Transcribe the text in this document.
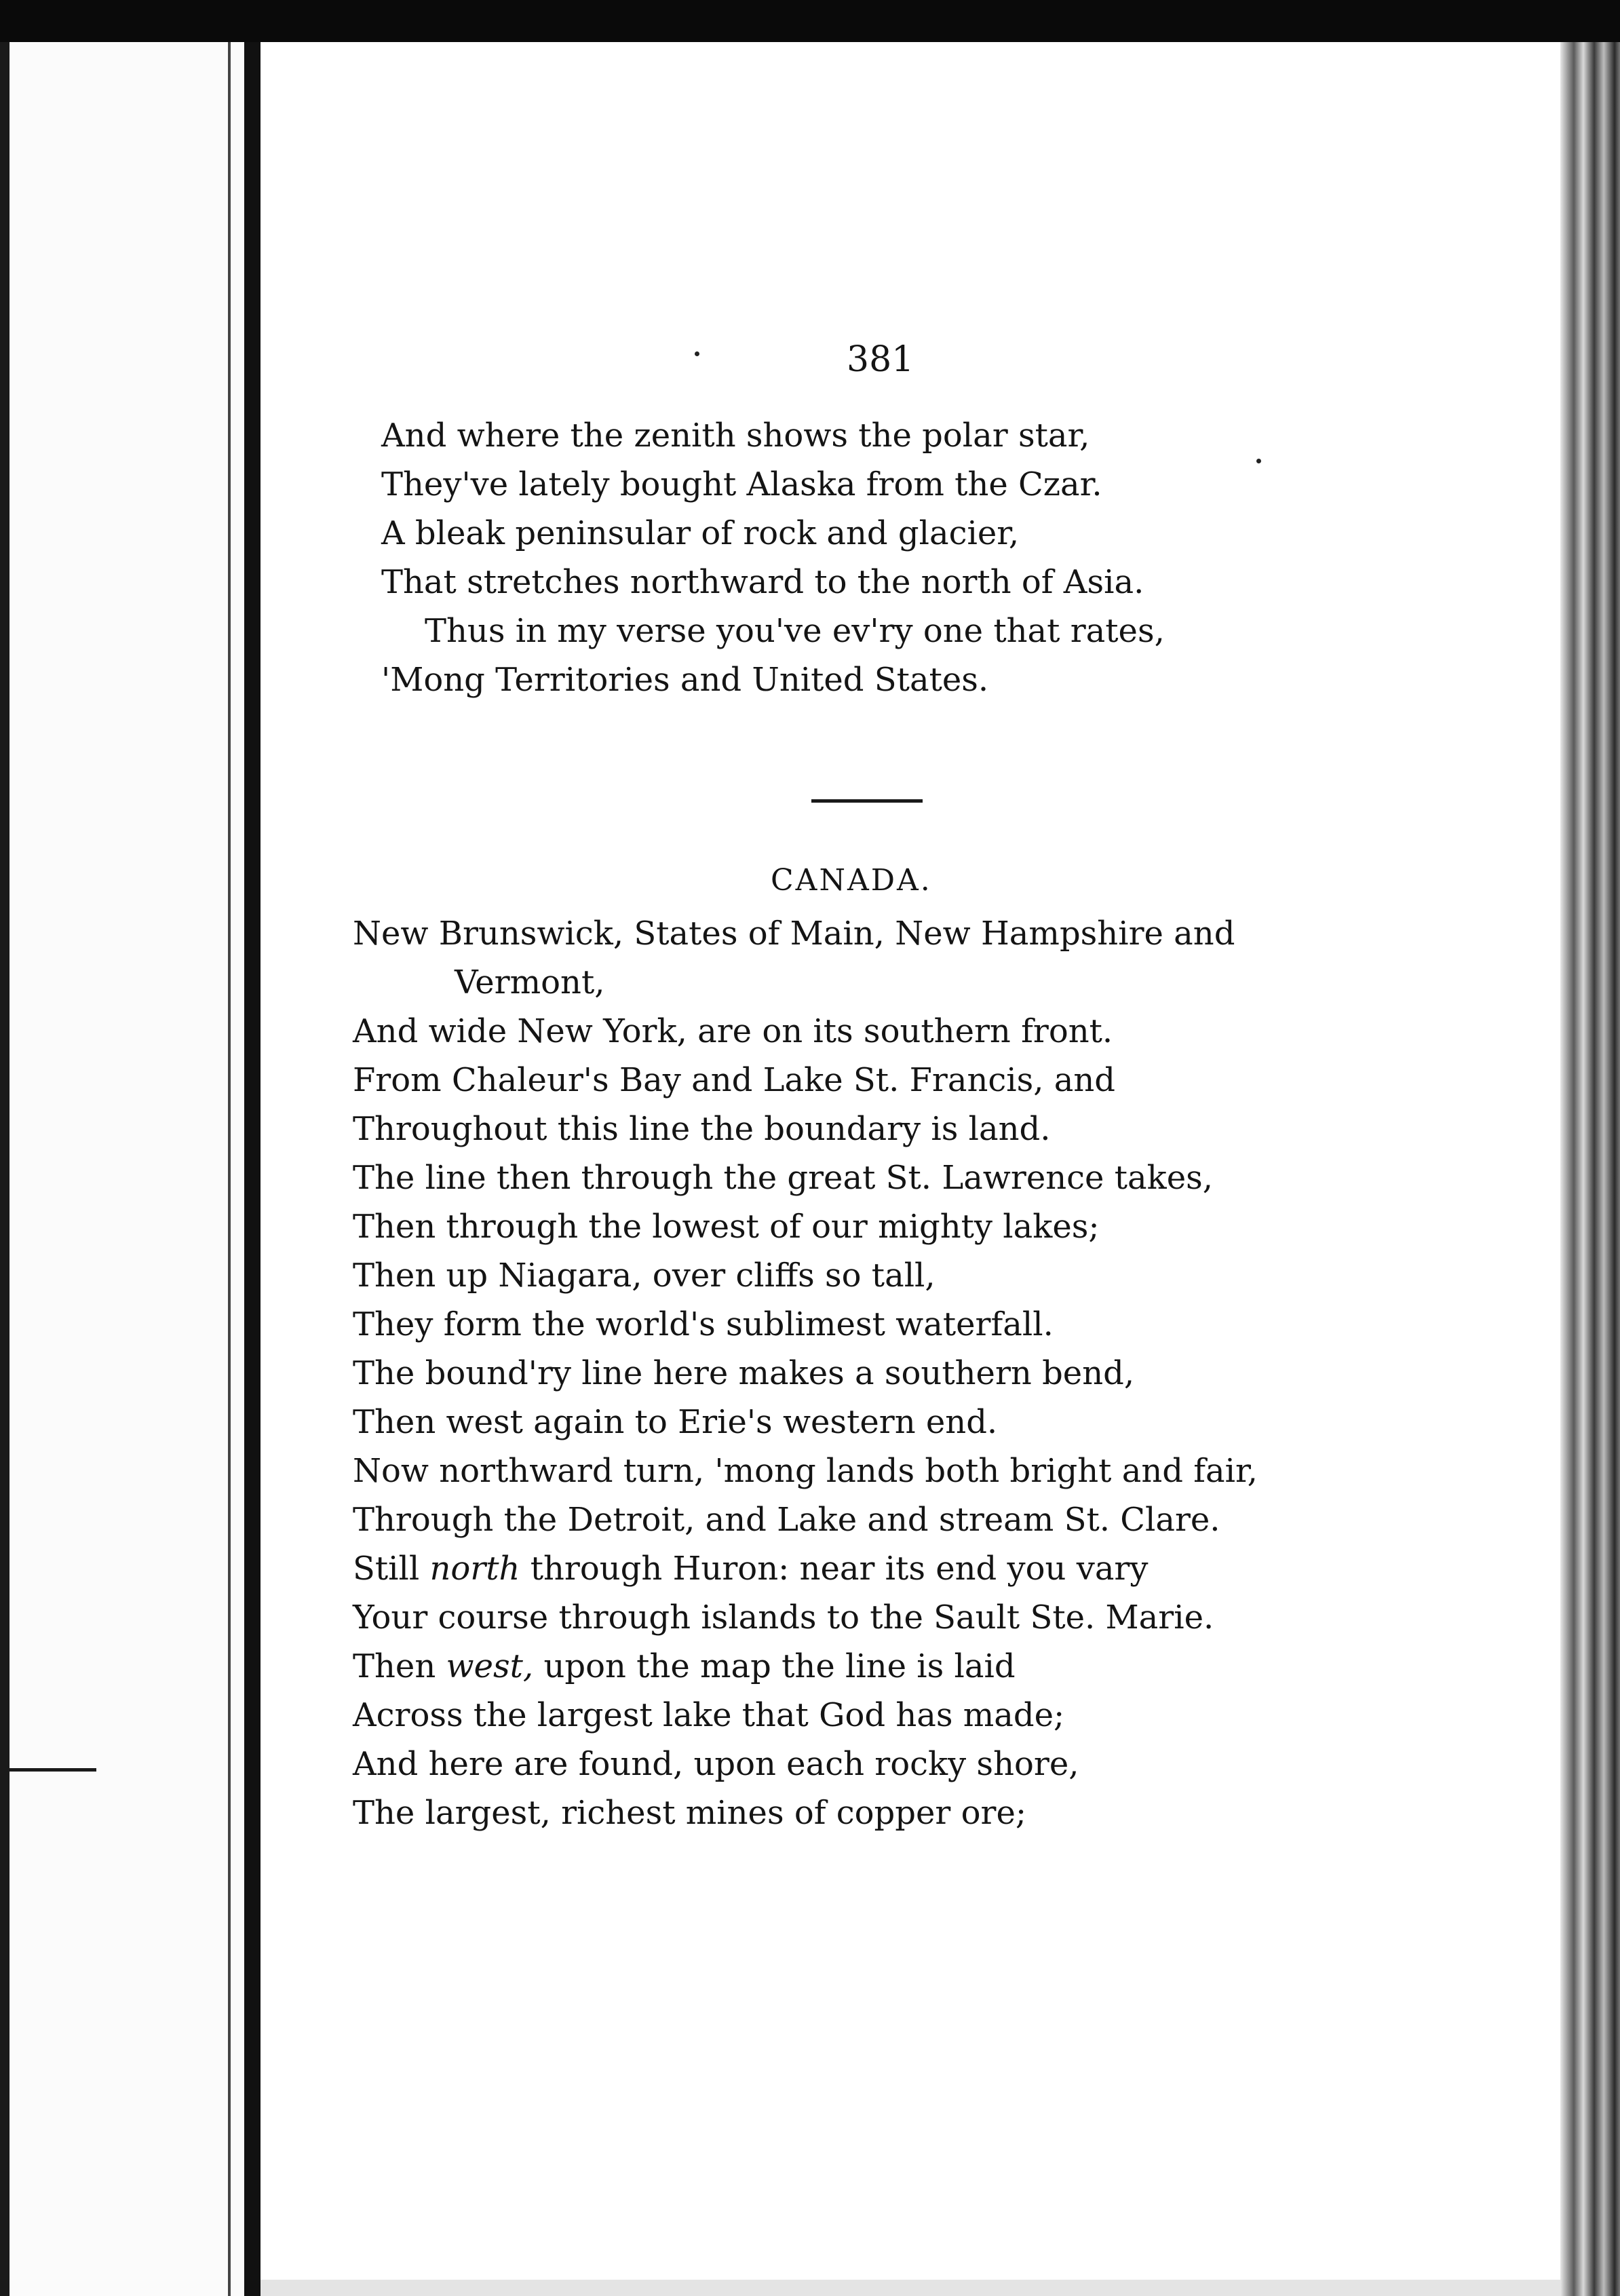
381

And where the zenith shows the polar star,
They've lately bought Alaska from the Czar.
A bleak peninsular of rock and glacier,
That stretches northward to the north of Asia.
Thus in my verse you've ev'ry one that rates,
'Mong Territories and United States.
CANADA.
New Brunswick, States of Main, New Hampshire and
Vermont,
And wide New York, are on its southern front.
From Chaleur's Bay and Lake St. Francis, and
Throughout this line the boundary is land.
The line then through the great St. Lawrence takes,
Then through the lowest of our mighty lakes;
Then up Niagara, over cliffs so tall,
They form the world's sublimest waterfall.
The bound'ry line here makes a southern bend,
Then west again to Erie's western end.
Now northward turn, 'mong lands both bright and fair,
Through the Detroit, and Lake and stream St. Clare.
Still north through Huron: near its end you vary
Your course through islands to the Sault Ste. Marie.
Then west, upon the map the line is laid
Across the largest lake that God has made;
And here are found, upon each rocky shore,
The largest, richest mines of copper ore;
